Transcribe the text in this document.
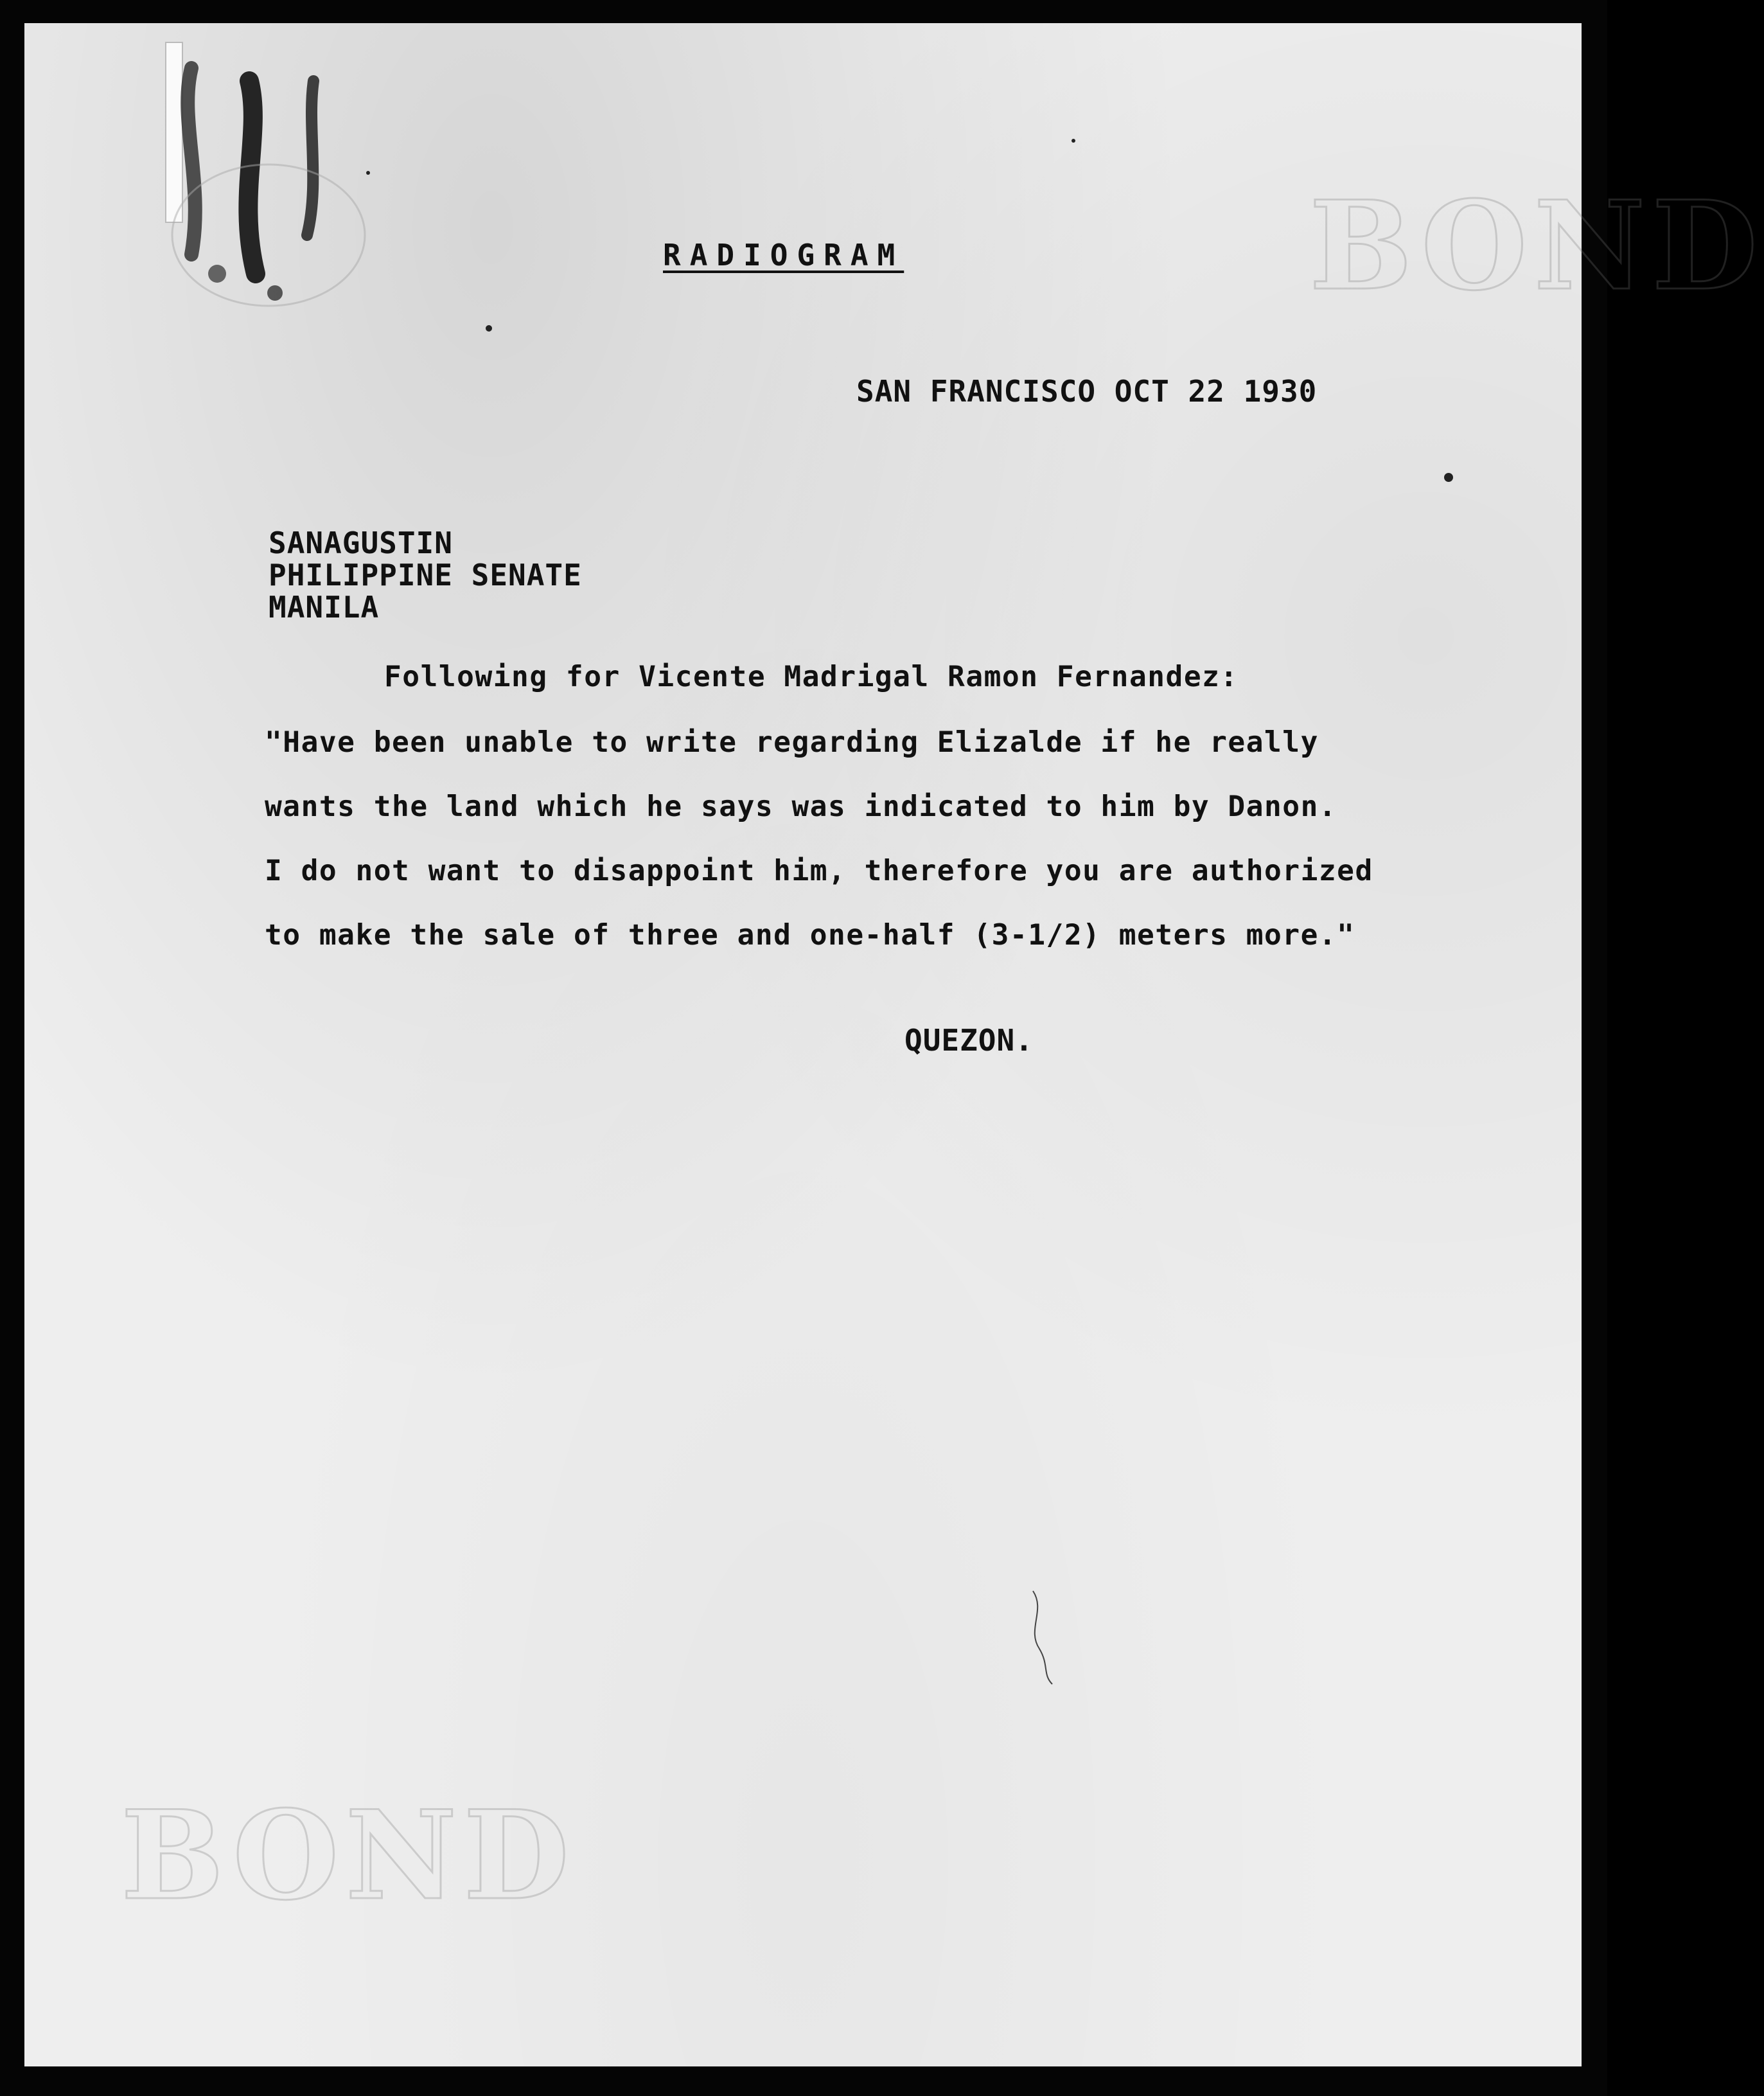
BOND
BOND

RADIOGRAM

SAN FRANCISCO OCT 22 1930

SANAGUSTIN

PHILIPPINE SENATE

MANILA

Following for Vicente Madrigal Ramon Fernandez:

"Have been unable to write regarding Elizalde if he really

wants the land which he says was indicated to him by Danon.

I do not want to disappoint him, therefore you are authorized

to make the sale of three and one-half (3-1/2) meters more."

QUEZON.
